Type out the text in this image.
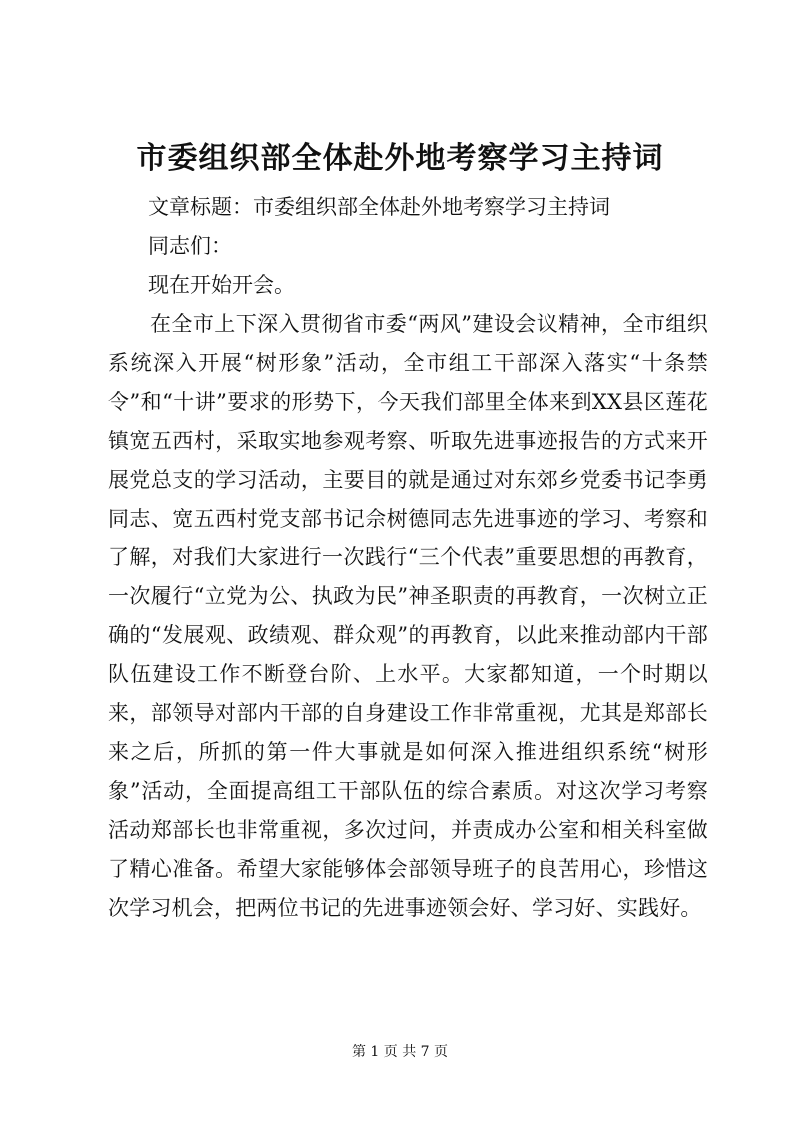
市委组织部全体赴外地考察学习主持词

文章标题：市委组织部全体赴外地考察学习主持词

同志们：

现在开始开会。

在全市上下深入贯彻省市委“两风”建设会议精神，全市组织系统深入开展“树形象”活动，全市组工干部深入落实“十条禁令”和“十讲”要求的形势下，今天我们部里全体来到XX县区莲花镇宽五西村，采取实地参观考察、听取先进事迹报告的方式来开展党总支的学习活动，主要目的就是通过对东郊乡党委书记李勇同志、宽五西村党支部书记佘树德同志先进事迹的学习、考察和了解，对我们大家进行一次践行“三个代表”重要思想的再教育，一次履行“立党为公、执政为民”神圣职责的再教育，一次树立正确的“发展观、政绩观、群众观”的再教育，以此来推动部内干部队伍建设工作不断登台阶、上水平。大家都知道，一个时期以来，部领导对部内干部的自身建设工作非常重视，尤其是郑部长来之后，所抓的第一件大事就是如何深入推进组织系统“树形象”活动，全面提高组工干部队伍的综合素质。对这次学习考察活动郑部长也非常重视，多次过问，并责成办公室和相关科室做了精心准备。希望大家能够体会部领导班子的良苦用心，珍惜这次学习机会，把两位书记的先进事迹领会好、学习好、实践好。

第 1 页 共 7 页
